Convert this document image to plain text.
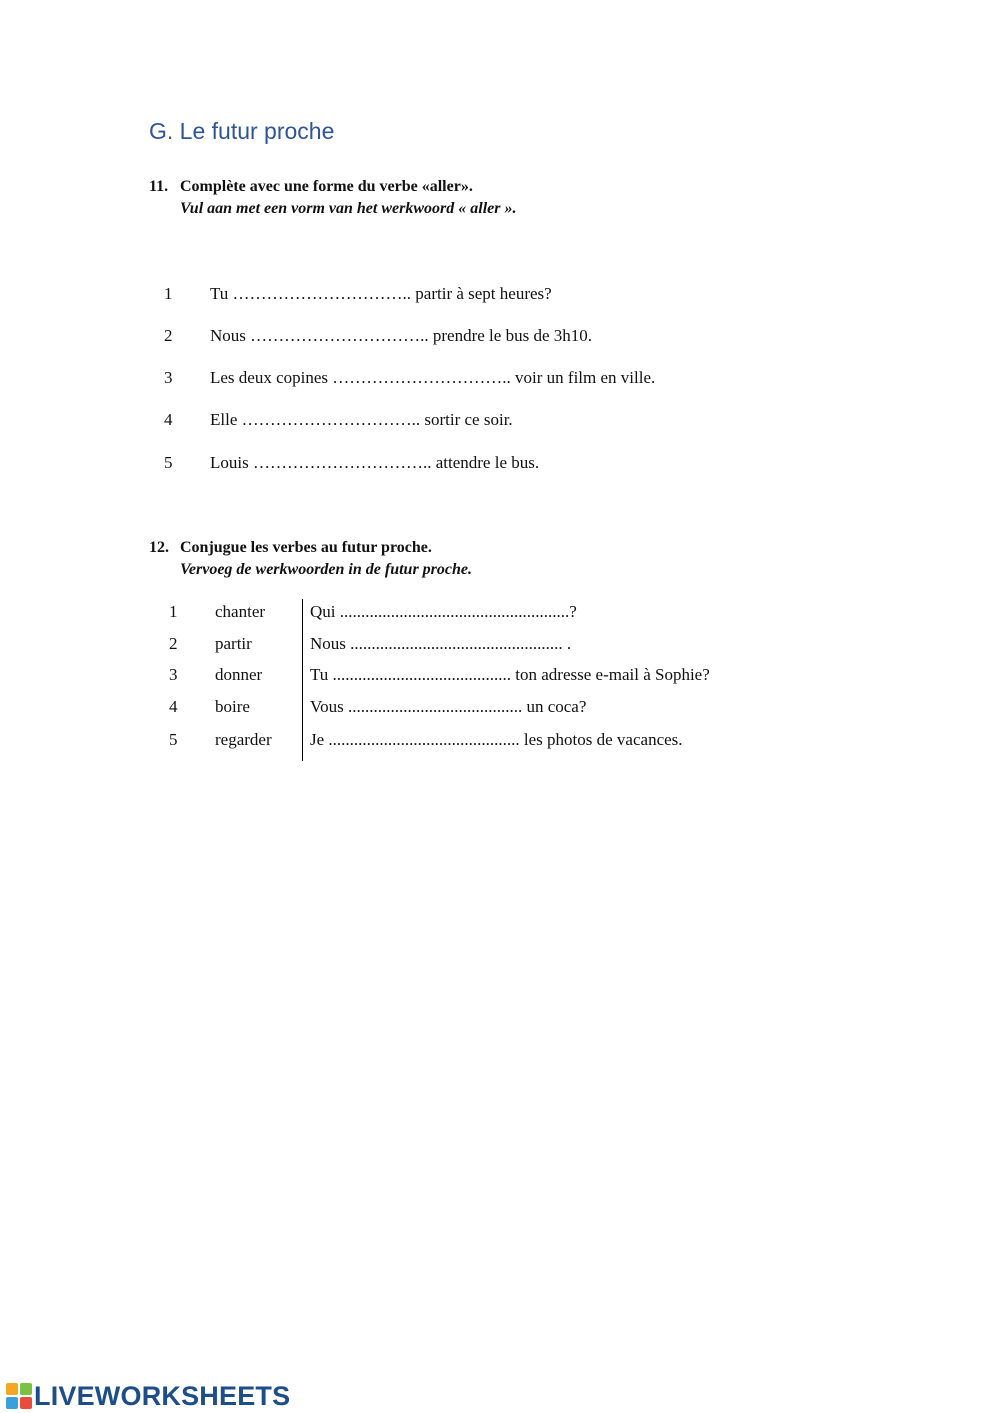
G. Le futur proche
11. Complète avec une forme du verbe «aller».
Vul aan met een vorm van het werkwoord « aller ».
1 Tu ………………………….. partir à sept heures?
2 Nous ………………………….. prendre le bus de 3h10.
3 Les deux copines ………………………….. voir un film en ville.
4 Elle ………………………….. sortir ce soir.
5 Louis ………………………….. attendre le bus.
12. Conjugue les verbes au futur proche.
Vervoeg de werkwoorden in de futur proche.
1 chanter	Qui ......................................................?
2 partir	Nous .................................................. .
3 donner	Tu .......................................... ton adresse e-mail à Sophie?
4 boire	Vous ......................................... un coca?
5 regarder Je ............................................. les photos de vacances.
LIVEWORKSHEETS
